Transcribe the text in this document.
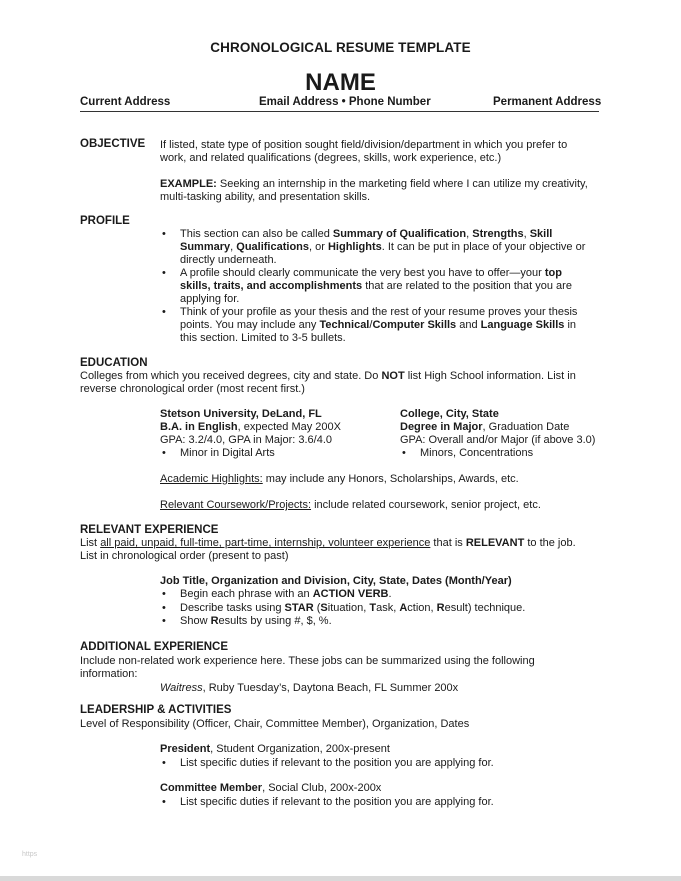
CHRONOLOGICAL RESUME TEMPLATE
NAME
Current Address	Email Address • Phone Number	Permanent Address
OBJECTIVE If listed, state type of position sought field/division/department in which you prefer to
work, and related qualifications (degrees, skills, work experience, etc.)
EXAMPLE: Seeking an internship in the marketing field where I can utilize my creativity,
multi-tasking ability, and presentation skills.
PROFILE
• This section can also be called Summary of Qualification, Strengths, Skill
Summary, Qualifications, or Highlights. It can be put in place of your objective or
directly underneath.
• A profile should clearly communicate the very best you have to offer—your top
skills, traits, and accomplishments that are related to the position that you are
applying for.
• Think of your profile as your thesis and the rest of your resume proves your thesis
points. You may include any Technical/Computer Skills and Language Skills in
this section. Limited to 3-5 bullets.
EDUCATION
Colleges from which you received degrees, city and state. Do NOT list High School information. List in
reverse chronological order (most recent first.)
Stetson University, DeLand, FL
B.A. in English, expected May 200X
GPA: 3.2/4.0, GPA in Major: 3.6/4.0
• Minor in Digital Arts
College, City, State
Degree in Major, Graduation Date
GPA: Overall and/or Major (if above 3.0)
• Minors, Concentrations
Academic Highlights: may include any Honors, Scholarships, Awards, etc.
Relevant Coursework/Projects: include related coursework, senior project, etc.
RELEVANT EXPERIENCE
List all paid, unpaid, full-time, part-time, internship, volunteer experience that is RELEVANT to the job.
List in chronological order (present to past)
Job Title, Organization and Division, City, State, Dates (Month/Year)
• Begin each phrase with an ACTION VERB.
• Describe tasks using STAR (Situation, Task, Action, Result) technique.
• Show Results by using #, $, %.
ADDITIONAL EXPERIENCE
Include non-related work experience here. These jobs can be summarized using the following
information:
Waitress, Ruby Tuesday’s, Daytona Beach, FL Summer 200x
LEADERSHIP & ACTIVITIES
Level of Responsibility (Officer, Chair, Committee Member), Organization, Dates
President, Student Organization, 200x-present
• List specific duties if relevant to the position you are applying for.
Committee Member, Social Club, 200x-200x
• List specific duties if relevant to the position you are applying for.
https
